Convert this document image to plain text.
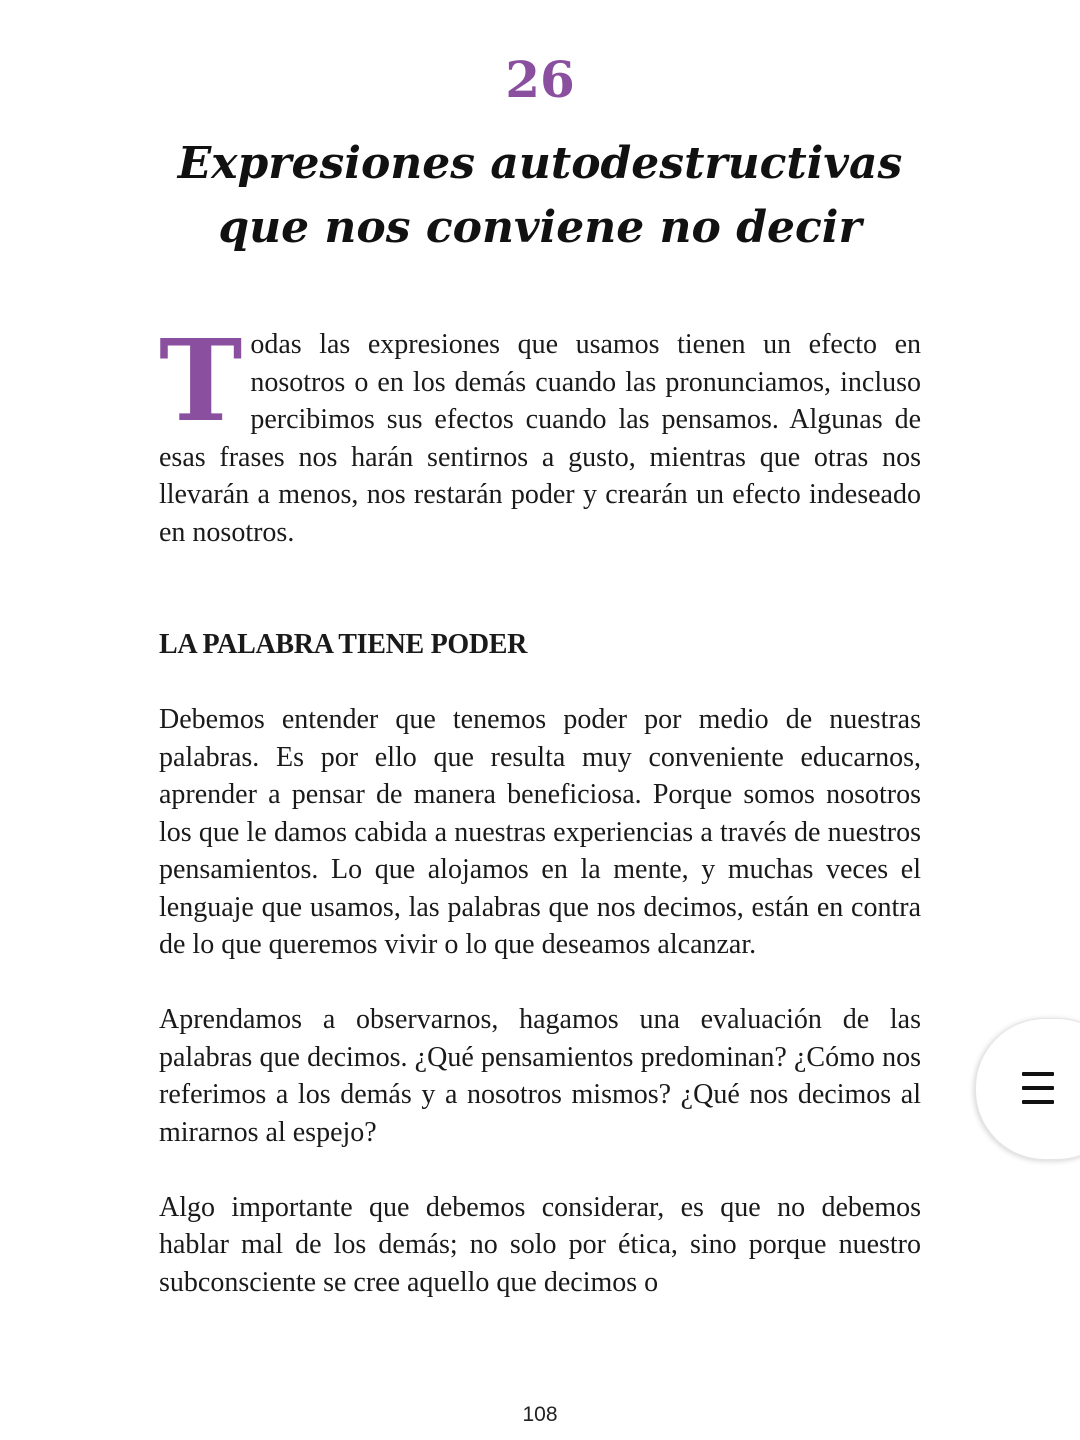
26
Expresiones autodestructivas
que nos conviene no decir

Todas las expresiones que usamos tienen un efecto en nosotros o en los demás cuando las pronunciamos, incluso percibimos sus efectos cuando las pensamos. Algunas de esas frases nos harán sentirnos a gusto, mientras que otras nos llevarán a menos, nos restarán poder y crearán un efecto indeseado en nosotros.

LA PALABRA TIENE PODER

Debemos entender que tenemos poder por medio de nuestras palabras. Es por ello que resulta muy conveniente educarnos, aprender a pensar de manera beneficiosa. Porque somos nosotros los que le damos cabida a nuestras experiencias a través de nuestros pensamientos. Lo que alojamos en la mente, y muchas veces el lenguaje que usamos, las palabras que nos decimos, están en contra de lo que queremos vivir o lo que deseamos alcanzar.

Aprendamos a observarnos, hagamos una evaluación de las palabras que decimos. ¿Qué pensamientos predominan? ¿Cómo nos referimos a los demás y a nosotros mismos? ¿Qué nos decimos al mirarnos al espejo?

Algo importante que debemos considerar, es que no debemos hablar mal de los demás; no solo por ética, sino porque nuestro subconsciente se cree aquello que decimos o

108
